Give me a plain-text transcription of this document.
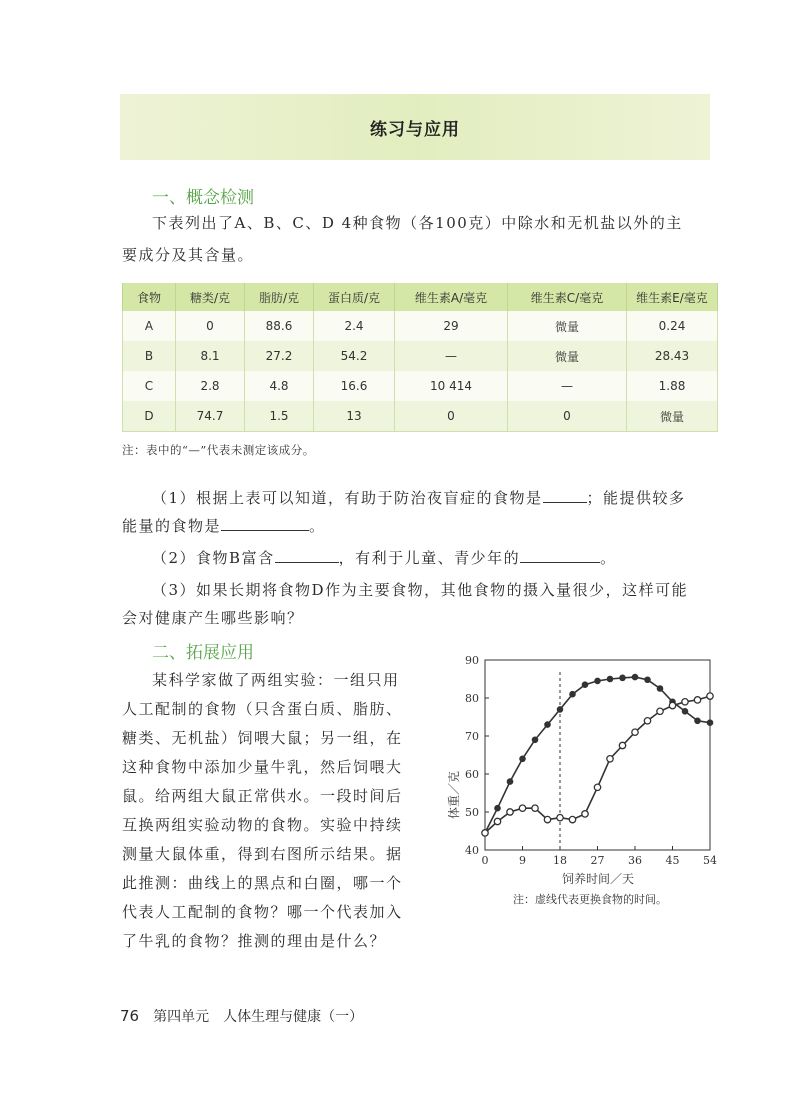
练习与应用
一、概念检测
下表列出了A、B、C、D 4种食物（各100克）中除水和无机盐以外的主
要成分及其含量。
食物	糖类/克	脂肪/克	蛋白质/克	维生素A/毫克	维生素C/毫克	维生素E/毫克
A	0	88.6	2.4	29	微量	0.24
B	8.1	27.2	54.2	—	微量	28.43
C	2.8	4.8	16.6	10 414	—	1.88
D	74.7	1.5	13	0	0	微量
注：表中的“—”代表未测定该成分。
（1）根据上表可以知道，有助于防治夜盲症的食物是	；能提供较多
能量的食物是	。
（2）食物B富含	，有利于儿童、青少年的	。
（3）如果长期将食物D作为主要食物，其他食物的摄入量很少，这样可能
会对健康产生哪些影响？
二、拓展应用
某科学家做了两组实验：一组只用
人工配制的食物（只含蛋白质、脂肪、
糖类、无机盐）饲喂大鼠；另一组，在
这种食物中添加少量牛乳，然后饲喂大
鼠。给两组大鼠正常供水。一段时间后
互换两组实验动物的食物。实验中持续
测量大鼠体重，得到右图所示结果。据
此推测：曲线上的黑点和白圈，哪一个
代表人工配制的食物？哪一个代表加入
了牛乳的食物？推测的理由是什么？
0	9 18 27 36 45 54
40
50
60
70
80
90
体重／克
饲养时间／天
注：虚线代表更换食物的时间。
76 第四单元　人体生理与健康（一）
